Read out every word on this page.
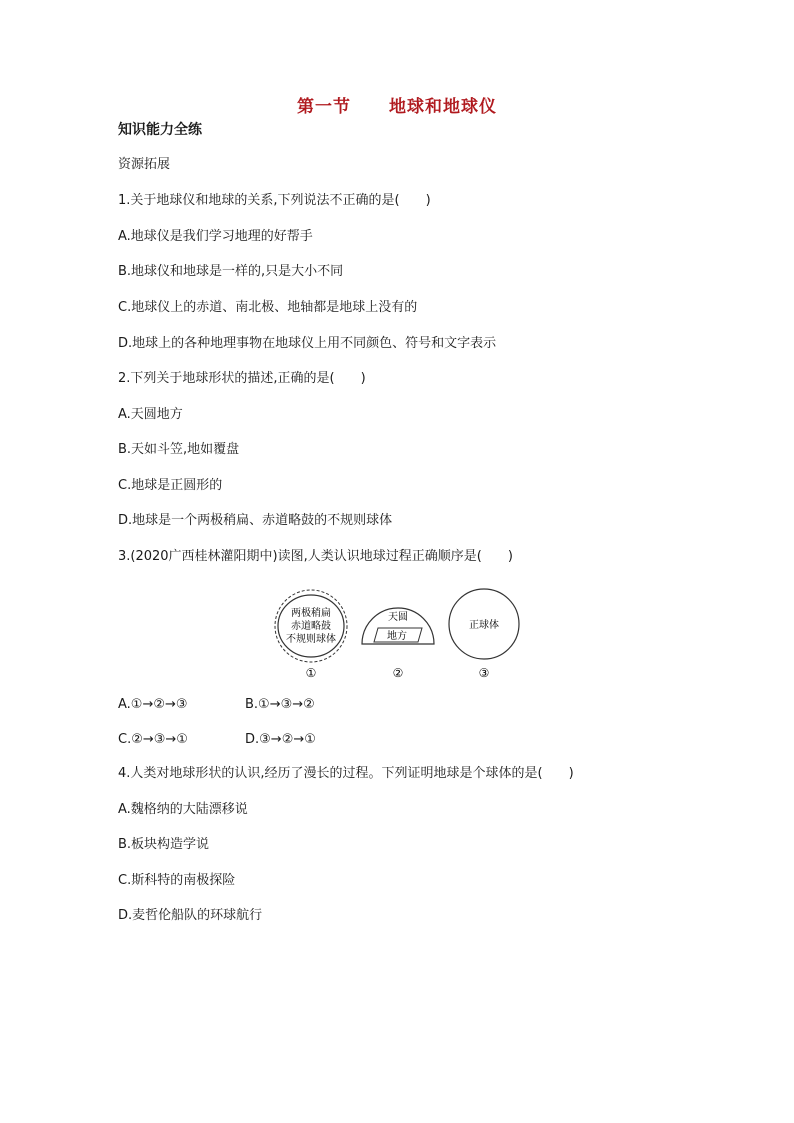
第一节 地球和地球仪
知识能力全练
资源拓展
1.关于地球仪和地球的关系,下列说法不正确的是(　　)
A.地球仪是我们学习地理的好帮手
B.地球仪和地球是一样的,只是大小不同
C.地球仪上的赤道、南北极、地轴都是地球上没有的
D.地球上的各种地理事物在地球仪上用不同颜色、符号和文字表示
2.下列关于地球形状的描述,正确的是(　　)
A.天圆地方
B.天如斗笠,地如覆盘
C.地球是正圆形的
D.地球是一个两极稍扁、赤道略鼓的不规则球体
3.(2020广西桂林灌阳期中)读图,人类认识地球过程正确顺序是(　　)
两极稍扁
赤道略鼓
不规则球体
①
天圆
地方
②
正球体
③
A.①→②→③	B.①→③→②
C.②→③→①	D.③→②→①
4.人类对地球形状的认识,经历了漫长的过程。下列证明地球是个球体的是(　　)
A.魏格纳的大陆漂移说
B.板块构造学说
C.斯科特的南极探险
D.麦哲伦船队的环球航行
